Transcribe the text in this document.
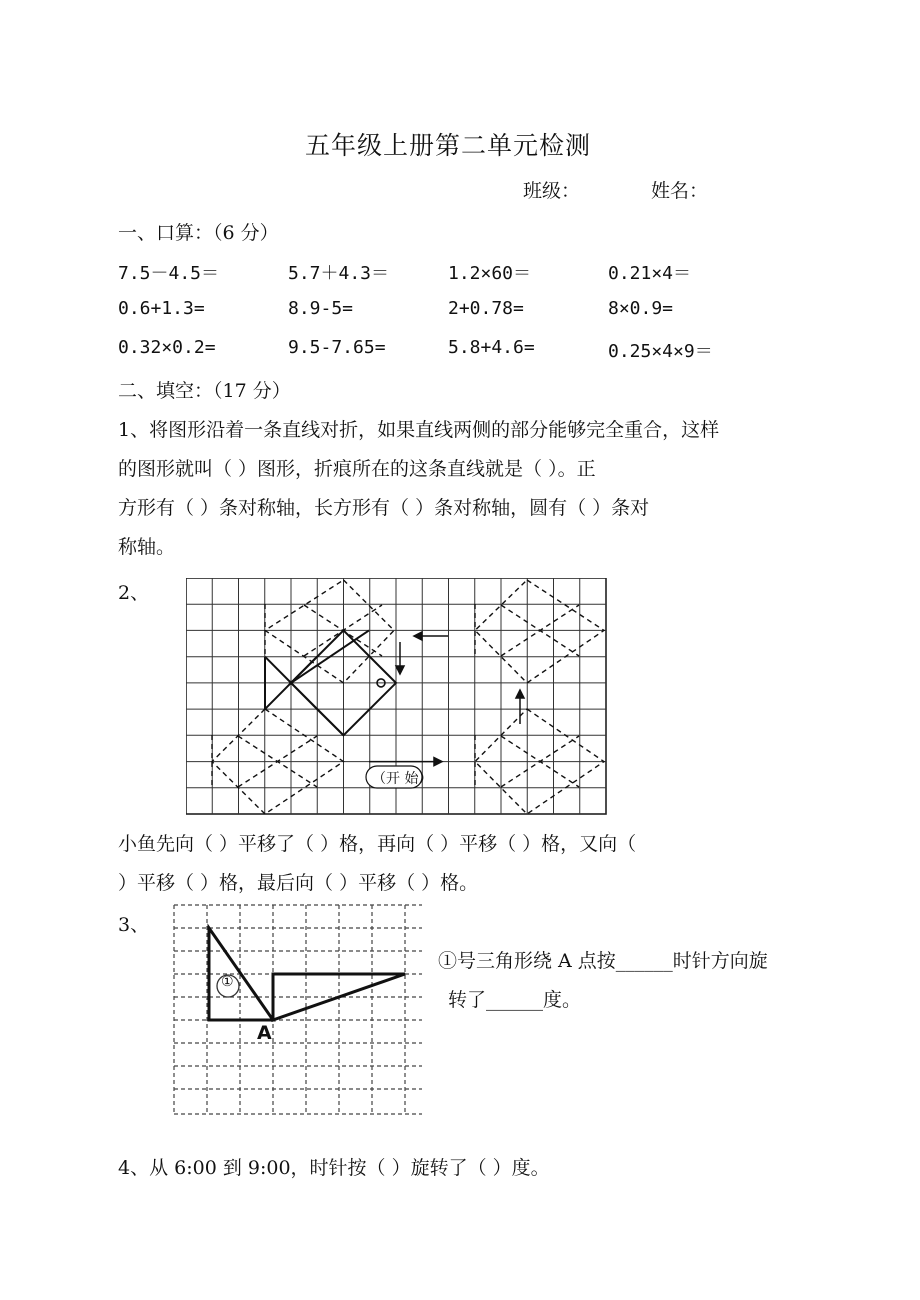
五年级上册第二单元检测
班级：	姓名：
一、口算：（6 分）
7.5－4.5＝	5.7＋4.3＝	1.2×60＝	0.21×4＝
0.6+1.3=	8.9-5=	2+0.78=	8×0.9=
0.32×0.2=	9.5-7.65=	5.8+4.6=	0.25×4×9＝
二、填空：（17 分）
1、将图形沿着一条直线对折，如果直线两侧的部分能够完全重合，这样
的图形就叫（ ）图形，折痕所在的这条直线就是（ ）。正
方形有（ ）条对称轴，长方形有（ ）条对称轴，圆有（ ）条对
称轴。
2、
（开 始）
小鱼先向（ ）平移了（ ）格，再向（ ）平移（ ）格，又向（
）平移（ ）格，最后向（ ）平移（ ）格。
3、
①
A
①号三角形绕 A 点按______时针方向旋
转了______度。
4、从 6:00 到 9:00，时针按（ ）旋转了（ ）度。
